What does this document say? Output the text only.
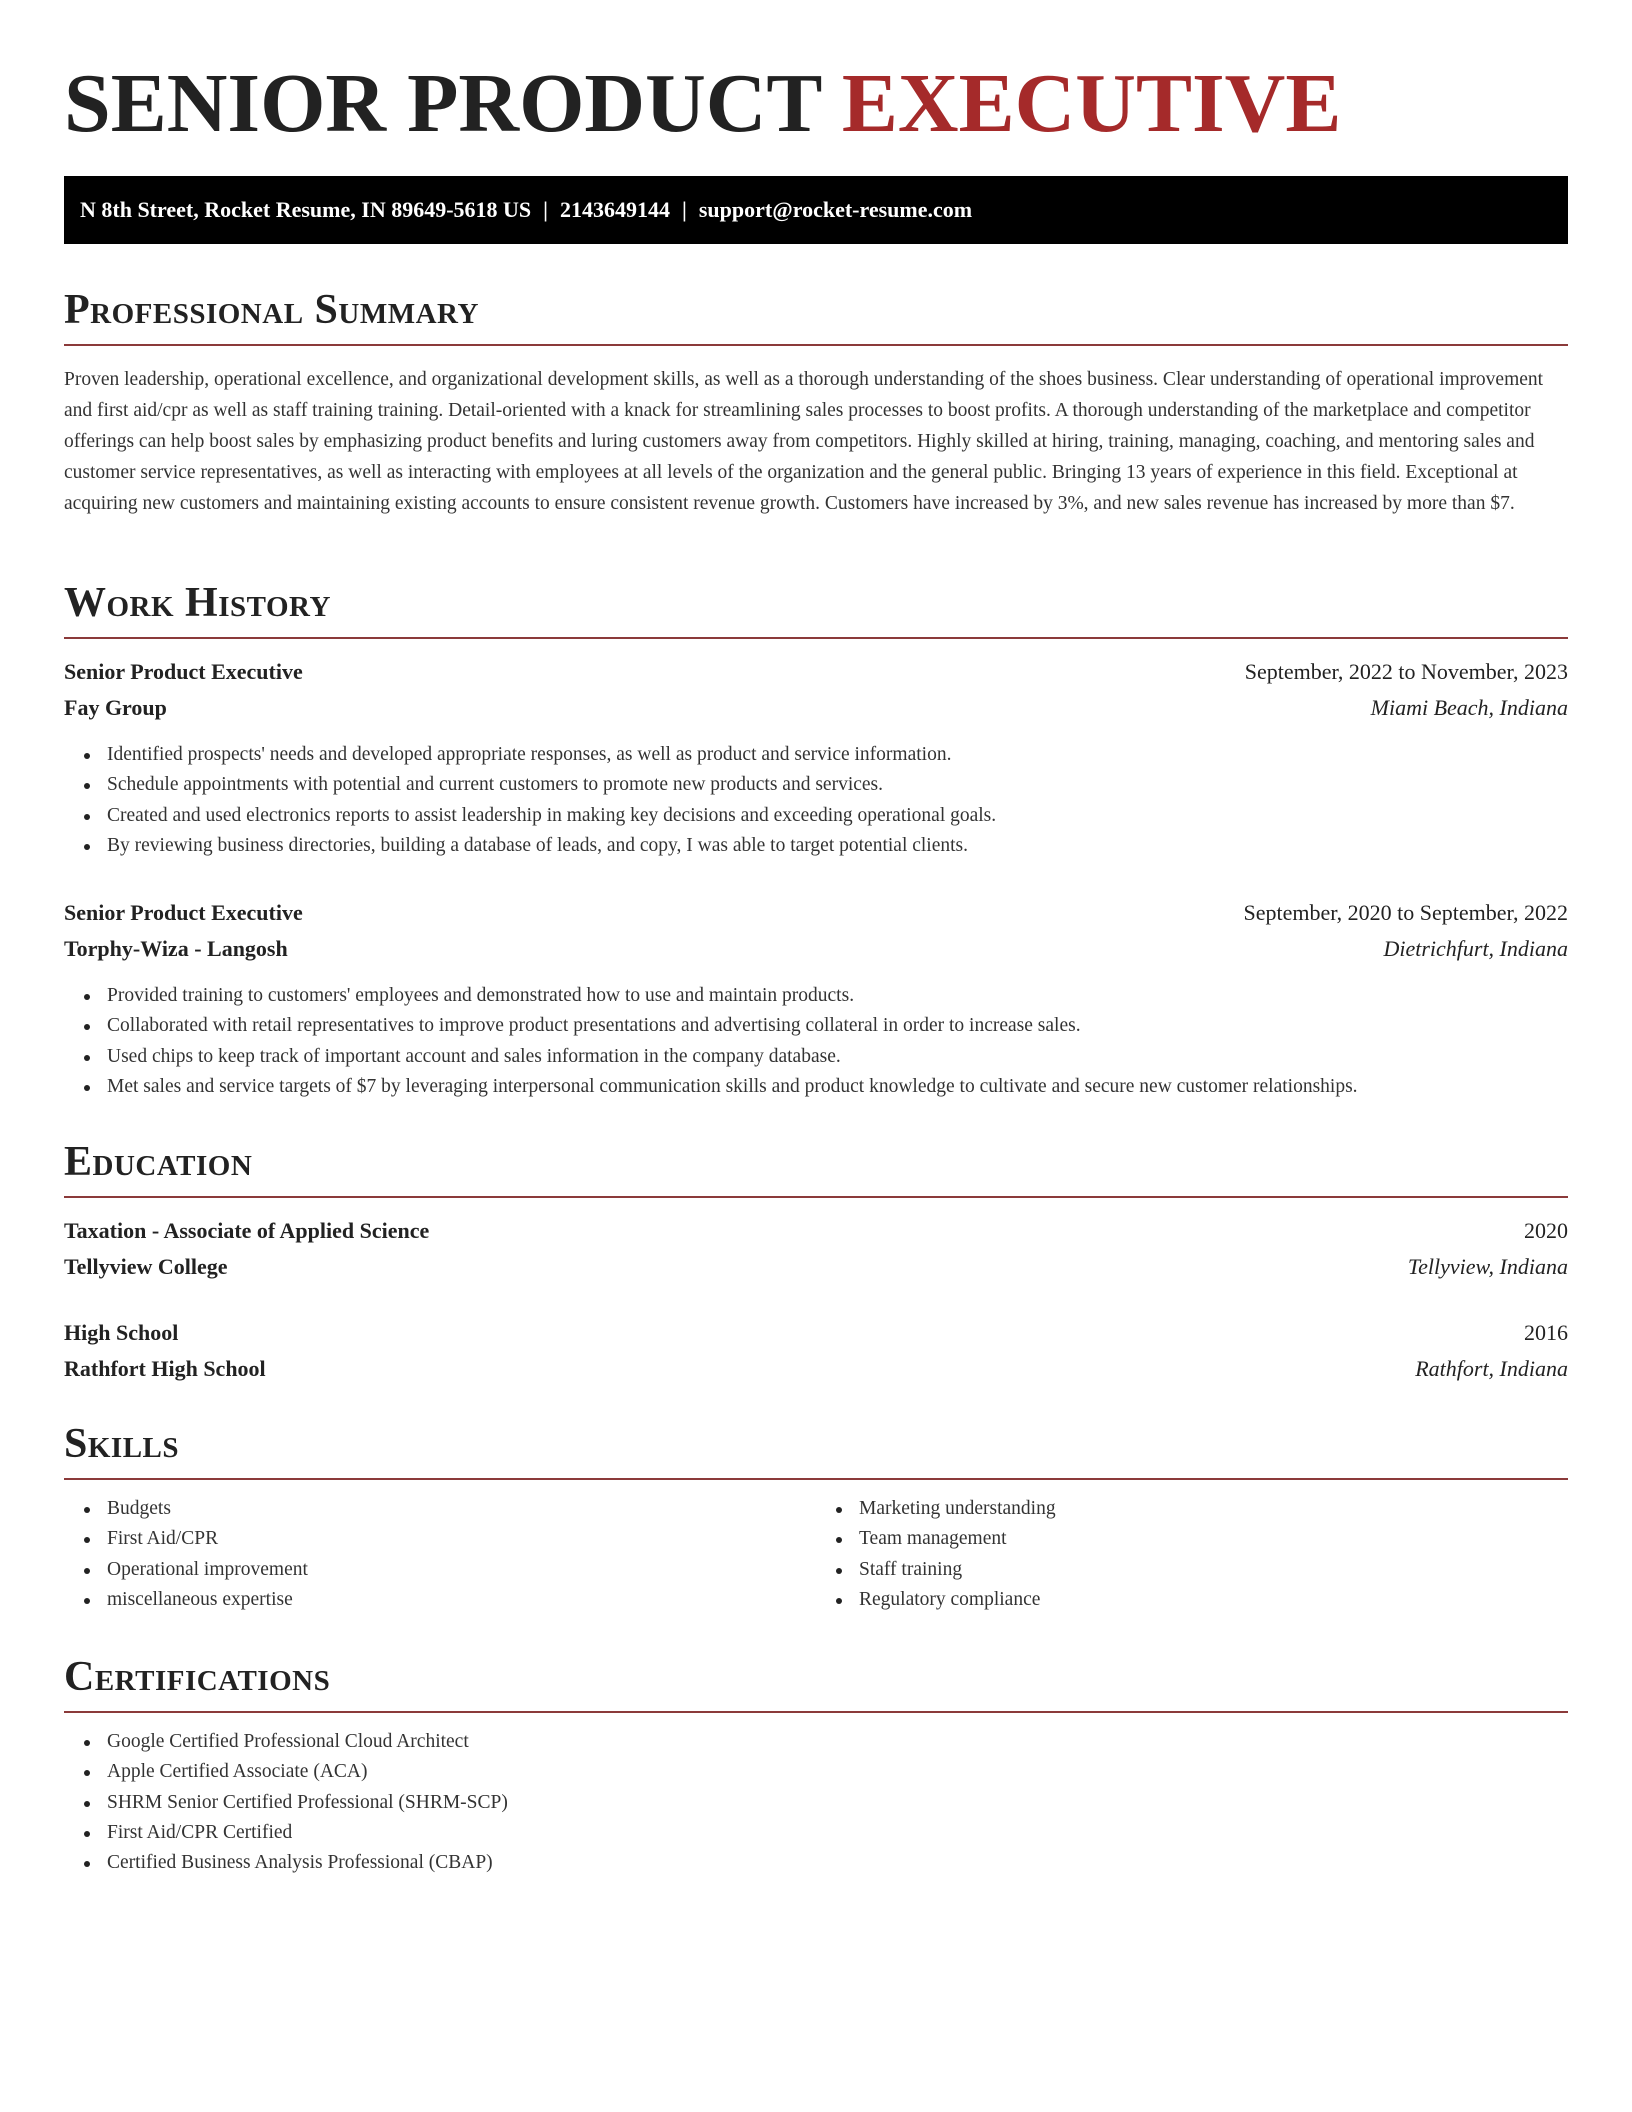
SENIOR PRODUCT EXECUTIVE
N 8th Street, Rocket Resume, IN 89649-5618 US | 2143649144 | support@rocket-resume.com
Professional Summary

Proven leadership, operational excellence, and organizational development skills, as well as a thorough understanding of the shoes business. Clear understanding of operational improvement and first aid/cpr as well as staff training training. Detail-oriented with a knack for streamlining sales processes to boost profits. A thorough understanding of the marketplace and competitor offerings can help boost sales by emphasizing product benefits and luring customers away from competitors. Highly skilled at hiring, training, managing, coaching, and mentoring sales and customer service representatives, as well as interacting with employees at all levels of the organization and the general public. Bringing 13 years of experience in this field. Exceptional at acquiring new customers and maintaining existing accounts to ensure consistent revenue growth. Customers have increased by 3%, and new sales revenue has increased by more than $7.

Work History
Senior Product Executive	September, 2022 to November, 2023
Fay Group	Miami Beach, Indiana
Identified prospects' needs and developed appropriate responses, as well as product and service information.
Schedule appointments with potential and current customers to promote new products and services.
Created and used electronics reports to assist leadership in making key decisions and exceeding operational goals.
By reviewing business directories, building a database of leads, and copy, I was able to target potential clients.
Senior Product Executive	September, 2020 to September, 2022
Torphy-Wiza - Langosh	Dietrichfurt, Indiana
Provided training to customers' employees and demonstrated how to use and maintain products.
Collaborated with retail representatives to improve product presentations and advertising collateral in order to increase sales.
Used chips to keep track of important account and sales information in the company database.
Met sales and service targets of $7 by leveraging interpersonal communication skills and product knowledge to cultivate and secure new customer relationships.
Education
Taxation - Associate of Applied Science	2020
Tellyview College	Tellyview, Indiana
High School	2016
Rathfort High School	Rathfort, Indiana
Skills
Budgets
First Aid/CPR
Operational improvement
miscellaneous expertise
Marketing understanding
Team management
Staff training
Regulatory compliance
Certifications
Google Certified Professional Cloud Architect
Apple Certified Associate (ACA)
SHRM Senior Certified Professional (SHRM-SCP)
First Aid/CPR Certified
Certified Business Analysis Professional (CBAP)
